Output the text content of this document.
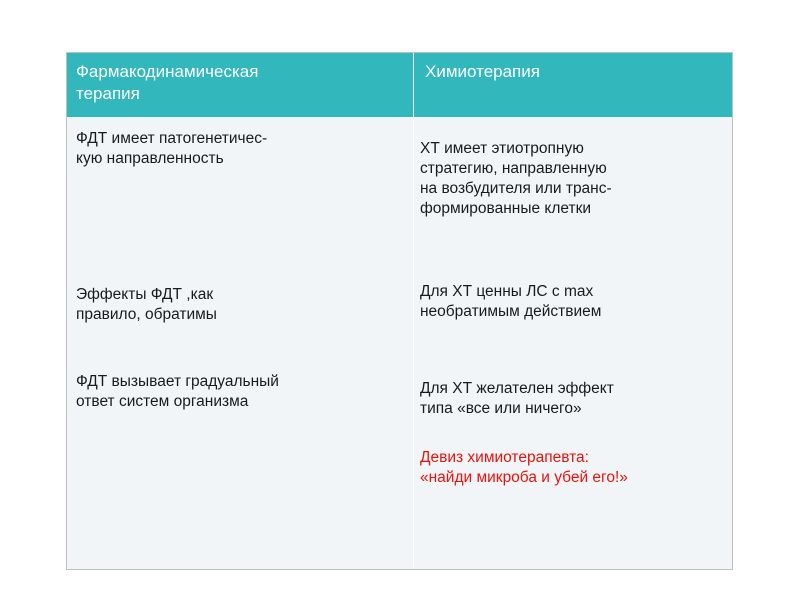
Фармакодинамическая
терапия
Химиотерапия
ФДТ имеет патогенетичес-
кую направленность
Эффекты ФДТ ,как
правило, обратимы
ФДТ вызывает градуальный
ответ систем организма
ХТ имеет этиотропную
стратегию, направленную
на возбудителя или транс-
формированные клетки
Для ХТ ценны ЛС с max
необратимым действием
Для ХТ желателен эффект
типа «все или ничего»
Девиз химиотерапевта:
«найди микроба и убей его!»
